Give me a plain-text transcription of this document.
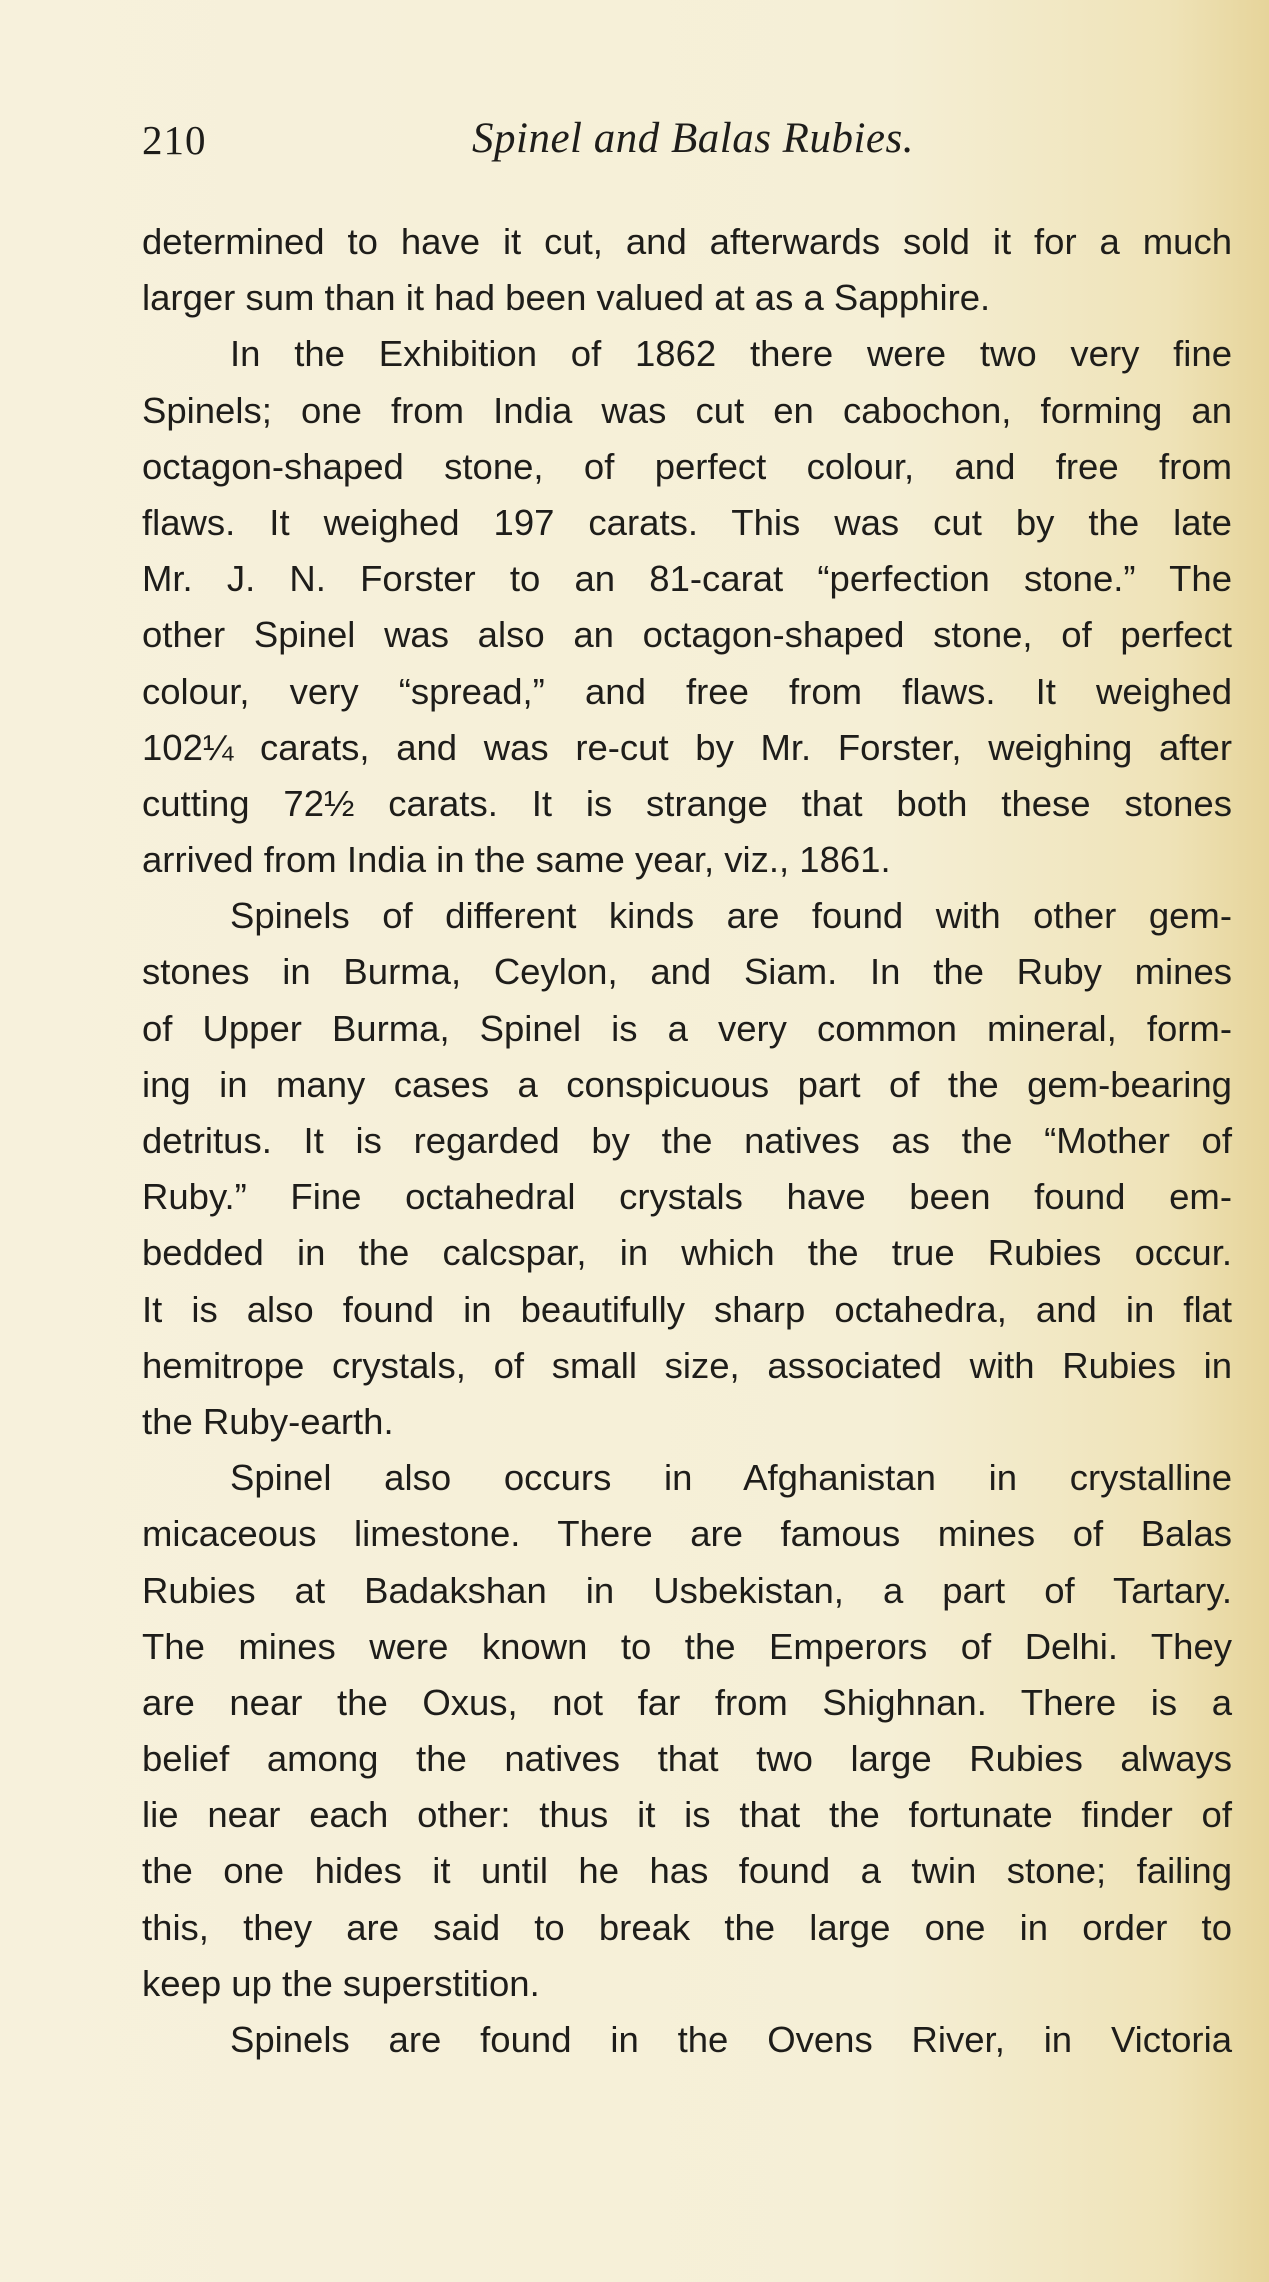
210	Spinel and Balas Rubies.
determined to have it cut, and afterwards sold it for a much
larger sum than it had been valued at as a Sapphire.
In the Exhibition of 1862 there were two very fine
Spinels; one from India was cut en cabochon, forming an
octagon-shaped stone, of perfect colour, and free from
flaws. It weighed 197 carats. This was cut by the late
Mr. J. N. Forster to an 81-carat “perfection stone.” The
other Spinel was also an octagon-shaped stone, of perfect
colour, very “spread,” and free from flaws. It weighed
102¼ carats, and was re-cut by Mr. Forster, weighing after
cutting 72½ carats. It is strange that both these stones
arrived from India in the same year, viz., 1861.
Spinels of different kinds are found with other gem-
stones in Burma, Ceylon, and Siam. In the Ruby mines
of Upper Burma, Spinel is a very common mineral, form-
ing in many cases a conspicuous part of the gem-bearing
detritus. It is regarded by the natives as the “Mother of
Ruby.” Fine octahedral crystals have been found em-
bedded in the calcspar, in which the true Rubies occur.
It is also found in beautifully sharp octahedra, and in flat
hemitrope crystals, of small size, associated with Rubies in
the Ruby-earth.
Spinel also occurs in Afghanistan in crystalline
micaceous limestone. There are famous mines of Balas
Rubies at Badakshan in Usbekistan, a part of Tartary.
The mines were known to the Emperors of Delhi. They
are near the Oxus, not far from Shighnan. There is a
belief among the natives that two large Rubies always
lie near each other: thus it is that the fortunate finder of
the one hides it until he has found a twin stone; failing
this, they are said to break the large one in order to
keep up the superstition.
Spinels are found in the Ovens River, in Victoria
